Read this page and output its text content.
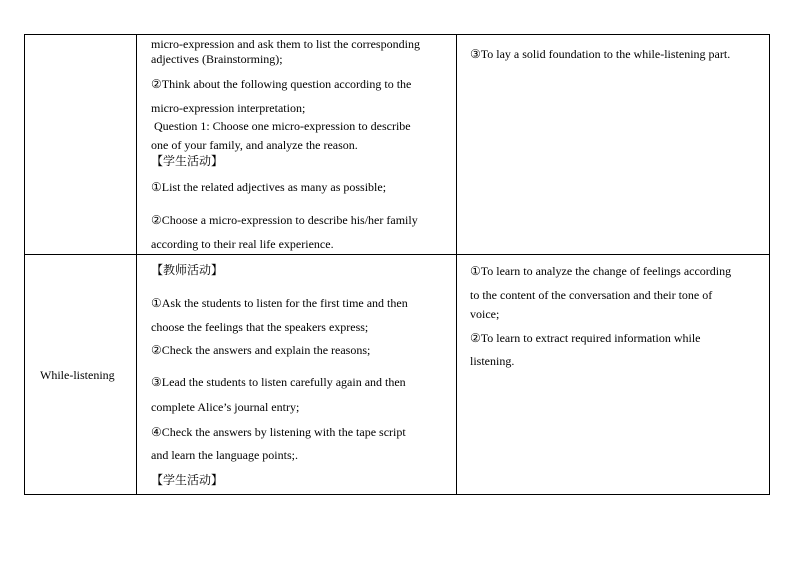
micro-expression and ask them to list the corresponding
adjectives (Brainstorming);
②Think about the following question according to the
micro-expression interpretation;
Question 1: Choose one micro-expression to describe
one of your family, and analyze the reason.
【学生活动】
①List the related adjectives as many as possible;
②Choose a micro-expression to describe his/her family
according to their real life experience.
③To lay a solid foundation to the while-listening part.
While-listening
【教师活动】
①Ask the students to listen for the first time and then
choose the feelings that the speakers express;
②Check the answers and explain the reasons;
③Lead the students to listen carefully again and then
complete Alice’s journal entry;
④Check the answers by listening with the tape script
and learn the language points;.
【学生活动】
①To learn to analyze the change of feelings according
to the content of the conversation and their tone of
voice;
②To learn to extract required information while
listening.
